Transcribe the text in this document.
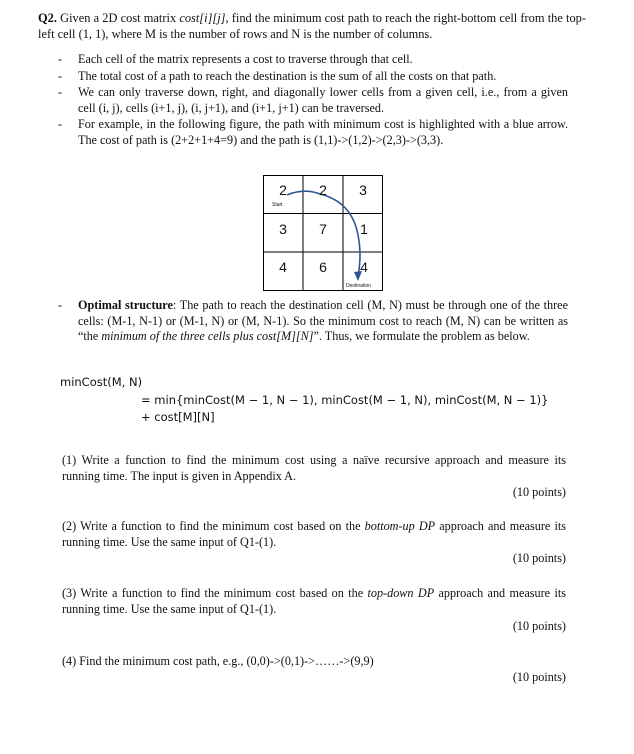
Q2. Given a 2D cost matrix cost[i][j], find the minimum cost path to reach the right-bottom cell from the top-left cell (1, 1), where M is the number of rows and N is the number of columns.
- Each cell of the matrix represents a cost to traverse through that cell.
- The total cost of a path to reach the destination is the sum of all the costs on that path.
- We can only traverse down, right, and diagonally lower cells from a given cell, i.e., from a given cell (i, j), cells (i+1, j), (i, j+1), and (i+1, j+1) can be traversed.
- For example, in the following figure, the path with minimum cost is highlighted with a blue arrow. The cost of path is (2+2+1+4=9) and the path is (1,1)->(1,2)->(2,3)->(3,3).
2	2	3
3	7	1
4	6	4
Start
Destination
- Optimal structure: The path to reach the destination cell (M, N) must be through one of the three cells: (M-1, N-1) or (M-1, N) or (M, N-1). So the minimum cost to reach (M, N) can be written as “the minimum of the three cells plus cost[M][N]”. Thus, we formulate the problem as below.
minCost(M, N)
= min{minCost(M − 1, N − 1), minCost(M − 1, N), minCost(M, N − 1)}
+ cost[M][N]
(1) Write a function to find the minimum cost using a naïve recursive approach and measure its running time. The input is given in Appendix A.
(10 points)
(2) Write a function to find the minimum cost based on the bottom-up DP approach and measure its running time. Use the same input of Q1-(1).
(10 points)
(3) Write a function to find the minimum cost based on the top-down DP approach and measure its running time. Use the same input of Q1-(1).
(10 points)
(4) Find the minimum cost path, e.g., (0,0)->(0,1)->……->(9,9)
(10 points)
